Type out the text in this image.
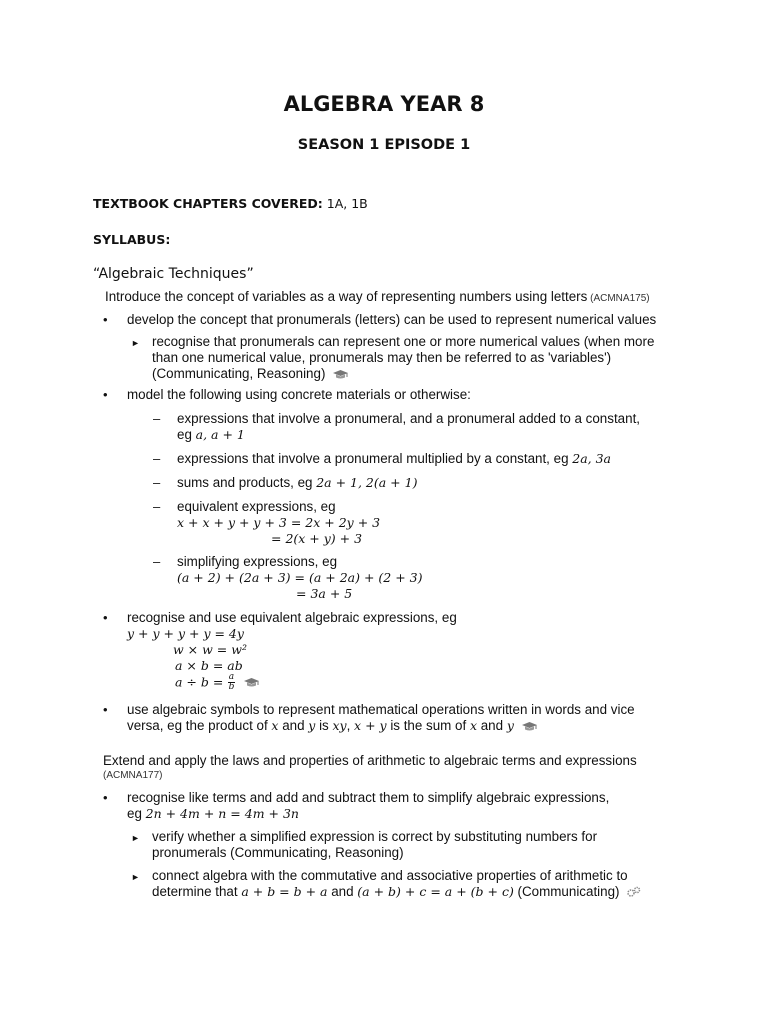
ALGEBRA YEAR 8
SEASON 1 EPISODE 1
TEXTBOOK CHAPTERS COVERED: 1A, 1B
SYLLABUS:
“Algebraic Techniques”
Introduce the concept of variables as a way of representing numbers using letters (ACMNA175)
• develop the concept that pronumerals (letters) can be used to represent numerical values
► recognise that pronumerals can represent one or more numerical values (when more
than one numerical value, pronumerals may then be referred to as 'variables')
(Communicating, Reasoning)
• model the following using concrete materials or otherwise:
– expressions that involve a pronumeral, and a pronumeral added to a constant,
eg a, a + 1
– expressions that involve a pronumeral multiplied by a constant, eg 2a, 3a
– sums and products, eg 2a + 1, 2(a + 1)
– equivalent expressions, eg
x + x + y + y + 3 = 2x + 2y + 3
= 2(x + y) + 3
– simplifying expressions, eg
(a + 2) + (2a + 3) = (a + 2a) + (2 + 3)
= 3a + 5
• recognise and use equivalent algebraic expressions, eg
y + y + y + y = 4y
w × w = w²
a × b = ab
$a \div b = \frac{a}{b}$

• use algebraic symbols to represent mathematical operations written in words and vice
versa, eg the product of x and y is xy, x + y is the sum of x and y
Extend and apply the laws and properties of arithmetic to algebraic terms and expressions
(ACMNA177)
• recognise like terms and add and subtract them to simplify algebraic expressions,
eg 2n + 4m + n = 4m + 3n
► verify whether a simplified expression is correct by substituting numbers for
pronumerals (Communicating, Reasoning)
► connect algebra with the commutative and associative properties of arithmetic to
determine that a + b = b + a and (a + b) + c = a + (b + c) (Communicating)
